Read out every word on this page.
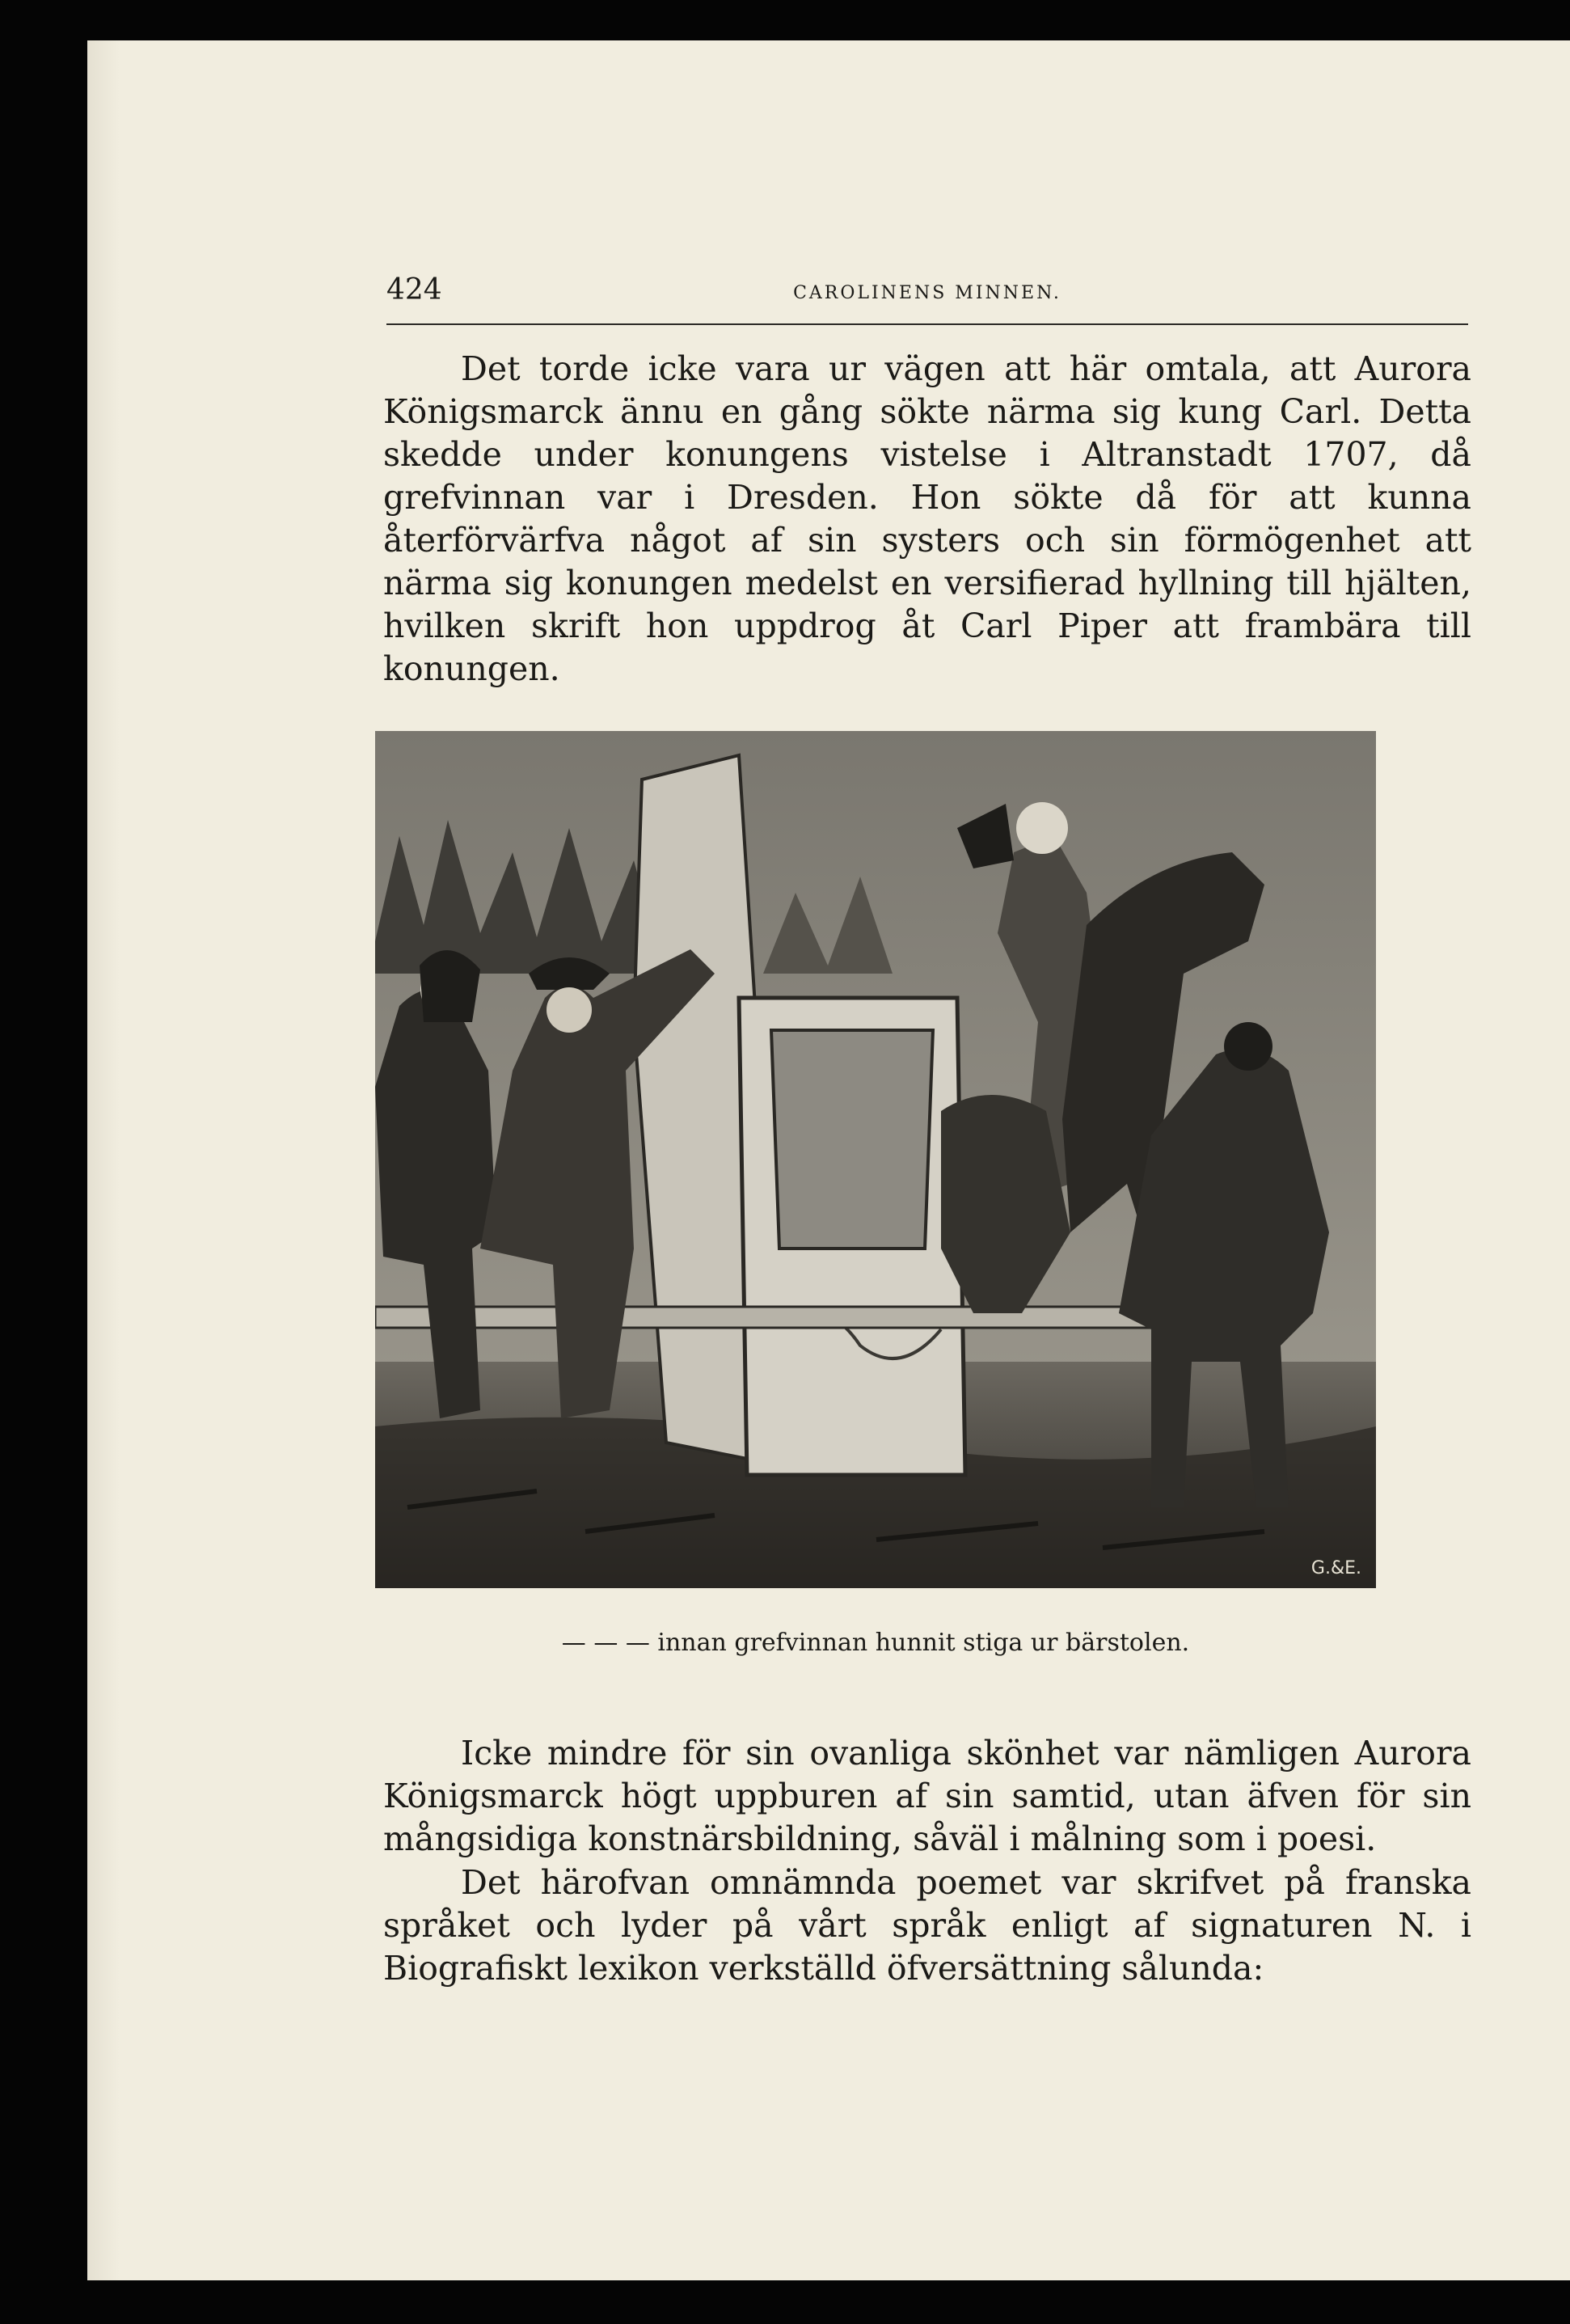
424	CAROLINENS MINNEN.

Det torde icke vara ur vägen att här omtala, att Aurora Königsmarck ännu en gång sökte närma sig kung Carl. Detta skedde under konungens vistelse i Altranstadt 1707, då grefvinnan var i Dresden. Hon sökte då för att kunna återförvärfva något af sin systers och sin förmögenhet att närma sig konungen medelst en versifierad hyllning till hjälten, hvilken skrift hon uppdrog åt Carl Piper att frambära till konungen.

G.&E.

— — — innan grefvinnan hunnit stiga ur bärstolen.

Icke mindre för sin ovanliga skönhet var nämligen Aurora Königsmarck högt uppburen af sin samtid, utan äfven för sin mångsidiga konstnärsbildning, såväl i målning som i poesi.

Det härofvan omnämnda poemet var skrifvet på franska språket och lyder på vårt språk enligt af signaturen N. i Biografiskt lexikon verkställd öfversättning sålunda:
